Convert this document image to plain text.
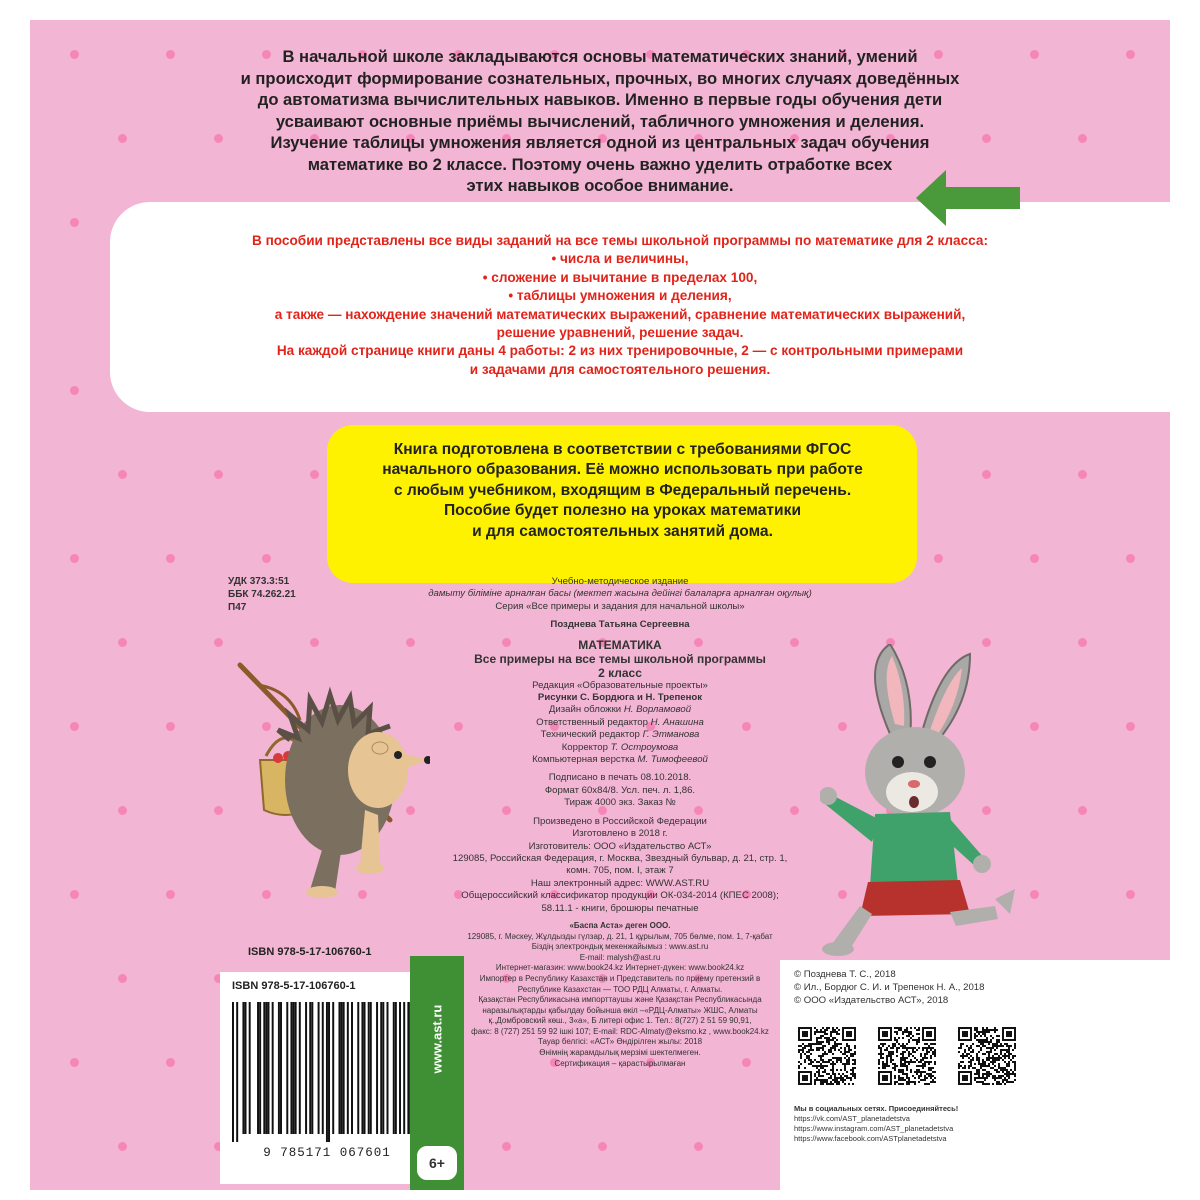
В начальной школе закладываются основы математических знаний, умений

и происходит формирование сознательных, прочных, во многих случаях доведённых

до автоматизма вычислительных навыков. Именно в первые годы обучения дети

усваивают основные приёмы вычислений, табличного умножения и деления.

Изучение таблицы умножения является одной из центральных задач обучения

математике во 2 классе. Поэтому очень важно уделить отработке всех

этих навыков особое внимание.

В пособии представлены все виды заданий на все темы школьной программы по математике для 2 класса:

• числа и величины,

• сложение и вычитание в пределах 100,

• таблицы умножения и деления,

а также — нахождение значений математических выражений, сравнение математических выражений,

решение уравнений, решение задач.

На каждой странице книги даны 4 работы: 2 из них тренировочные, 2 — с контрольными примерами

и задачами для самостоятельного решения.

Книга подготовлена в соответствии с требованиями ФГОС

начального образования. Её можно использовать при работе

с любым учебником, входящим в Федеральный перечень.

Пособие будет полезно на уроках математики

и для самостоятельных занятий дома.

УДК 373.3:51

ББК 74.262.21

П47

Учебно-методическое издание

дамыту біліміне арналған басы (мектеп жасына дейінгі балаларға арналған оқулық)

Серия «Все примеры и задания для начальной школы»

Позднева Татьяна Сергеевна

МАТЕМАТИКА

Все примеры на все темы школьной программы

2 класс

Редакция «Образовательные проекты»

Рисунки С. Бордюга и Н. Трепенок

Дизайн обложки Н. Ворламовой

Ответственный редактор Н. Анашина

Технический редактор Г. Этманова

Корректор Т. Остроумова

Компьютерная верстка М. Тимофеевой

Подписано в печать 08.10.2018.

Формат 60x84/8. Усл. печ. л. 1,86.

Тираж 4000 экз. Заказ №

Произведено в Российской Федерации

Изготовлено в 2018 г.

Изготовитель: ООО «Издательство АСТ»

129085, Российская Федерация, г. Москва, Звездный бульвар, д. 21, стр. 1,

комн. 705, пом. I, этаж 7

Наш электронный адрес: WWW.AST.RU

Общероссийский классификатор продукции ОК-034-2014 (КПЕС 2008);

58.11.1 - книги, брошюры печатные

«Баспа Аста» деген ООО.

129085, г. Мәскеу, Жұлдызды гүлзар, д. 21, 1 құрылым, 705 бөлме, пом. 1, 7-қабат

Біздің электрондық мекенжайымыз : www.ast.ru

E-mail: malysh@ast.ru

Интернет-магазин: www.book24.kz Интернет-дүкен: www.book24.kz

Импортер в Республику Казахстан и Представитель по приему претензий в

Республике Казахстан — ТОО РДЦ Алматы, г. Алматы.

Қазақстан Республикасына импорттаушы және Қазақстан Республикасында

наразылықтарды қабылдау бойынша өкіл –«РДЦ-Алматы» ЖШС, Алматы

қ.,Домбровский көш., 3«а», Б литері офис 1. Тел.: 8(727) 2 51 59 90,91,

факс: 8 (727) 251 59 92 ішкі 107; E-mail: RDC-Almaty@eksmo.kz , www.book24.kz

Тауар белгісі: «АСТ» Өндірілген жылы: 2018

Өнімнің жарамдылық мерзімі шектелмеген.

Сертификация – қарастырылмаған

ISBN 978-5-17-106760-1
ISBN 978-5-17-106760-1
9 785171 067601
www.ast.ru
6+

© Позднева Т. С., 2018

© Ил., Бордюг С. И. и Трепенок Н. А., 2018

© ООО «Издательство АСТ», 2018

Мы в социальных сетях. Присоединяйтесь!

https://vk.com/AST_planetadetstva

https://www.instagram.com/AST_planetadetstva

https://www.facebook.com/ASTplanetadetstva
